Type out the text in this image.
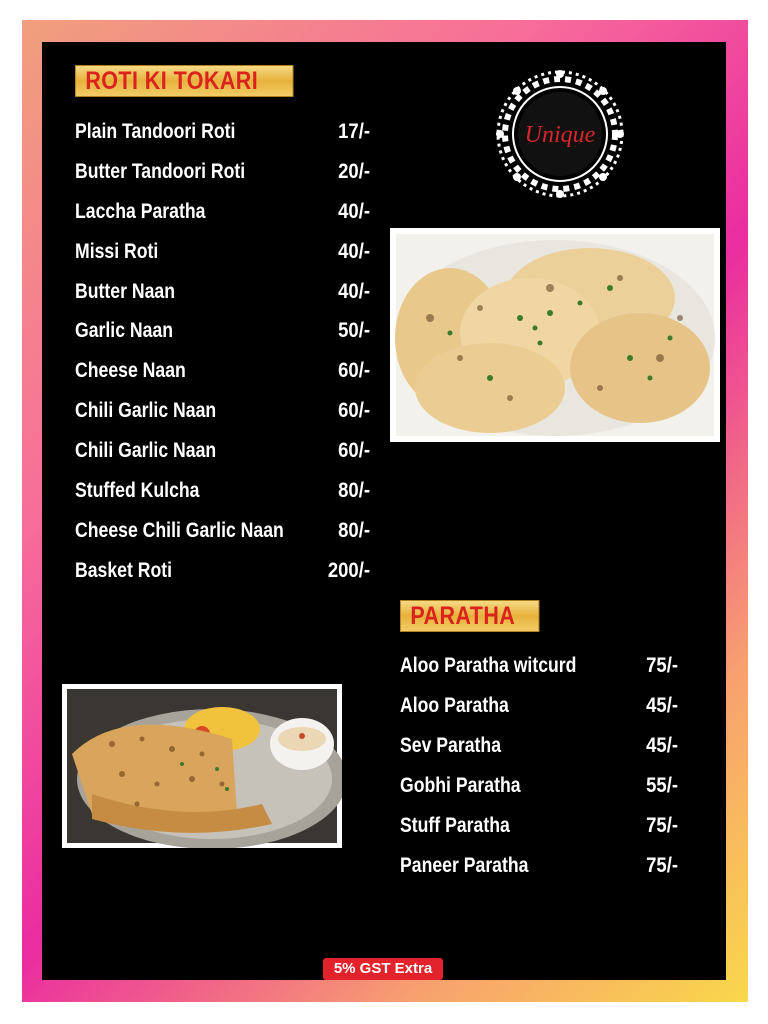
ROTI KI TOKARI
Plain Tandoori Roti	17/-
Butter Tandoori Roti	20/-
Laccha Paratha	40/-
Missi Roti	40/-
Butter Naan	40/-
Garlic Naan	50/-
Cheese Naan	60/-
Chili Garlic Naan	60/-
Chili Garlic Naan	60/-
Stuffed Kulcha	80/-
Cheese Chili Garlic Naan	80/-
Basket Roti	200/-
Unique
PARATHA
Aloo Paratha witcurd	75/-
Aloo Paratha	45/-
Sev Paratha	45/-
Gobhi Paratha	55/-
Stuff Paratha	75/-
Paneer Paratha	75/-
5% GST Extra
